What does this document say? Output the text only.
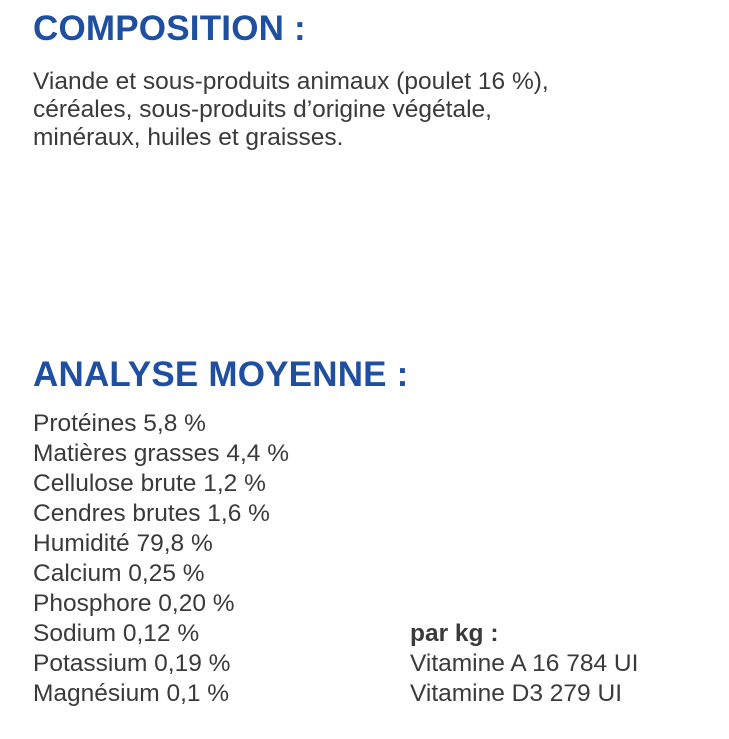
COMPOSITION :

Viande et sous-produits animaux (poulet 16 %),
céréales, sous-produits d’origine végétale,
minéraux, huiles et graisses.

ANALYSE MOYENNE :
Protéines 5,8 %
Matières grasses 4,4 %
Cellulose brute 1,2 %
Cendres brutes 1,6 %
Humidité 79,8 %
Calcium 0,25 %
Phosphore 0,20 %
Sodium 0,12 %
Potassium 0,19 %
Magnésium 0,1 %
par kg :
Vitamine A 16 784 UI
Vitamine D3 279 UI
